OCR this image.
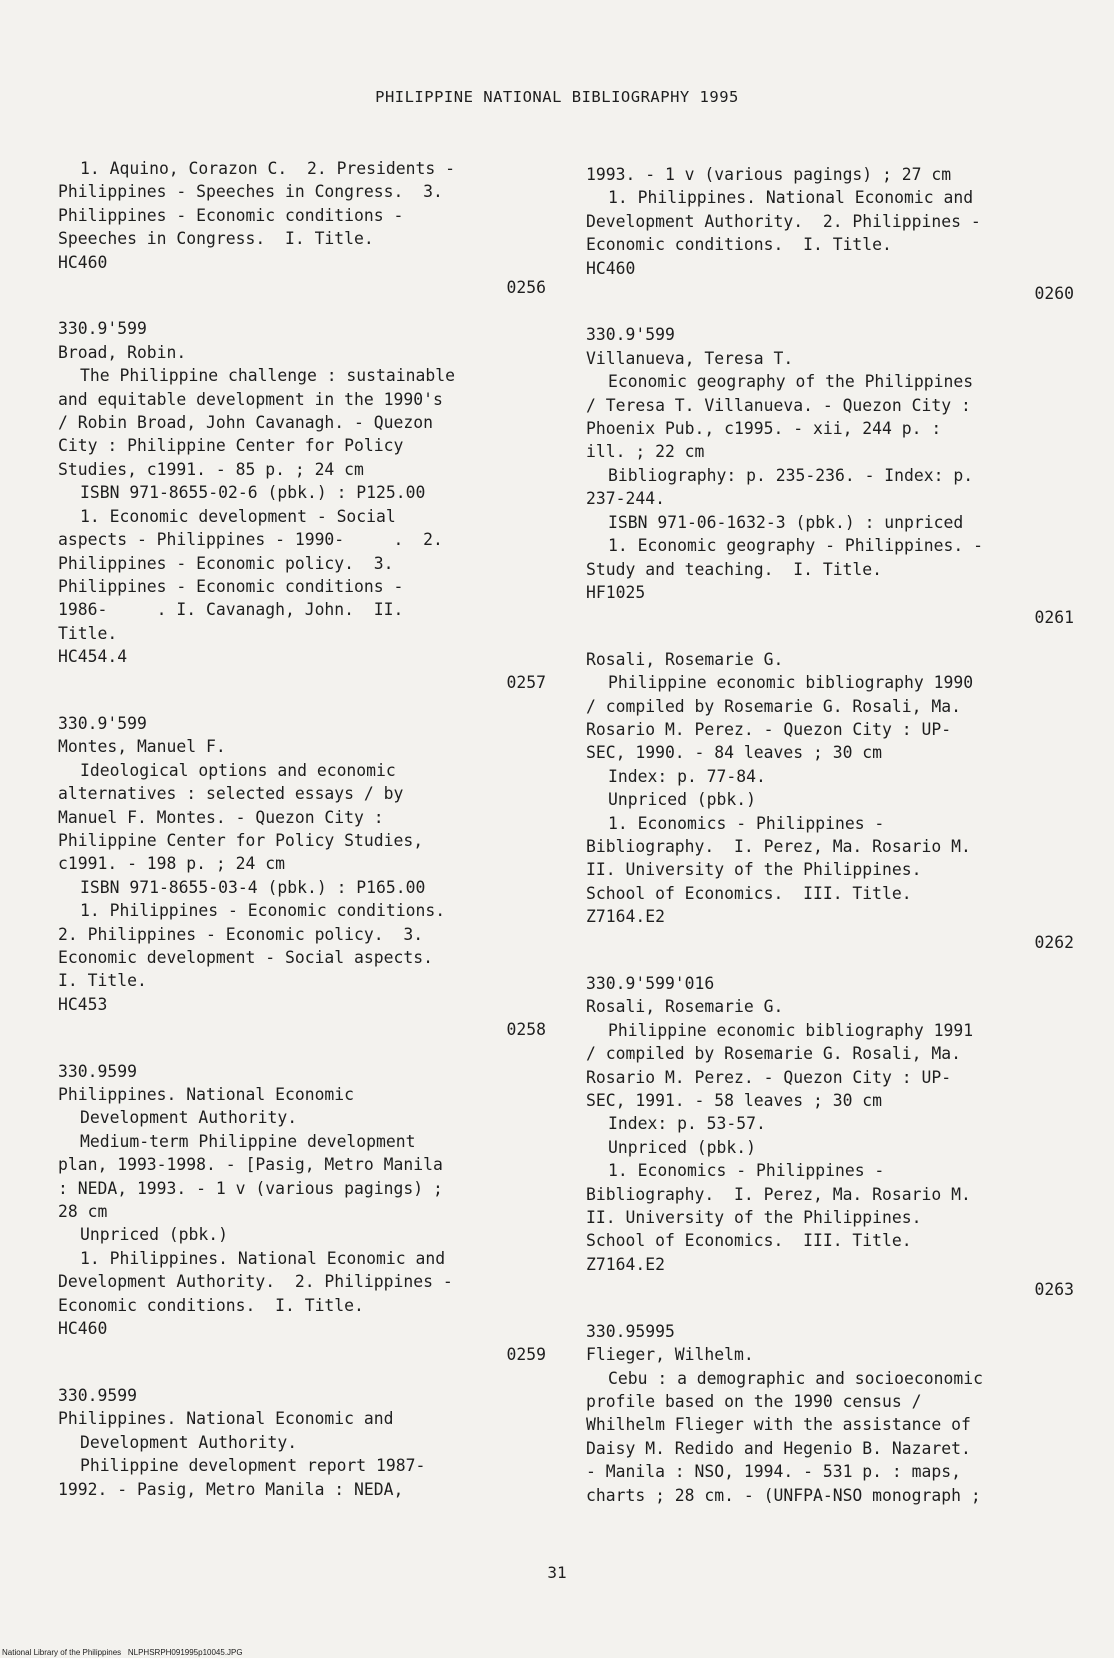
PHILIPPINE NATIONAL BIBLIOGRAPHY 1995
1. Aquino, Corazon C.  2. Presidents -
Philippines - Speeches in Congress.  3.
Philippines - Economic conditions -
Speeches in Congress.  I. Title.
HC460
0256
330.9'599
Broad, Robin.
The Philippine challenge : sustainable
and equitable development in the 1990's
/ Robin Broad, John Cavanagh. - Quezon
City : Philippine Center for Policy
Studies, c1991. - 85 p. ; 24 cm
ISBN 971-8655-02-6 (pbk.) : P125.00
1. Economic development - Social
aspects - Philippines - 1990-     .  2.
Philippines - Economic policy.  3.
Philippines - Economic conditions -
1986-     . I. Cavanagh, John.  II.
Title.
HC454.4
0257
330.9'599
Montes, Manuel F.
Ideological options and economic
alternatives : selected essays / by
Manuel F. Montes. - Quezon City :
Philippine Center for Policy Studies,
c1991. - 198 p. ; 24 cm
ISBN 971-8655-03-4 (pbk.) : P165.00
1. Philippines - Economic conditions.
2. Philippines - Economic policy.  3.
Economic development - Social aspects.
I. Title.
HC453
0258
330.9599
Philippines. National Economic
Development Authority.
Medium-term Philippine development
plan, 1993-1998. - [Pasig, Metro Manila
: NEDA, 1993. - 1 v (various pagings) ;
28 cm
Unpriced (pbk.)
1. Philippines. National Economic and
Development Authority.  2. Philippines -
Economic conditions.  I. Title.
HC460
0259
330.9599
Philippines. National Economic and
Development Authority.
Philippine development report 1987-
1992. - Pasig, Metro Manila : NEDA,
1993. - 1 v (various pagings) ; 27 cm
1. Philippines. National Economic and
Development Authority.  2. Philippines -
Economic conditions.  I. Title.
HC460
0260
330.9'599
Villanueva, Teresa T.
Economic geography of the Philippines
/ Teresa T. Villanueva. - Quezon City :
Phoenix Pub., c1995. - xii, 244 p. :
ill. ; 22 cm
Bibliography: p. 235-236. - Index: p.
237-244.
ISBN 971-06-1632-3 (pbk.) : unpriced
1. Economic geography - Philippines. -
Study and teaching.  I. Title.
HF1025
0261
Rosali, Rosemarie G.
Philippine economic bibliography 1990
/ compiled by Rosemarie G. Rosali, Ma.
Rosario M. Perez. - Quezon City : UP-
SEC, 1990. - 84 leaves ; 30 cm
Index: p. 77-84.
Unpriced (pbk.)
1. Economics - Philippines -
Bibliography.  I. Perez, Ma. Rosario M.
II. University of the Philippines.
School of Economics.  III. Title.
Z7164.E2
0262
330.9'599'016
Rosali, Rosemarie G.
Philippine economic bibliography 1991
/ compiled by Rosemarie G. Rosali, Ma.
Rosario M. Perez. - Quezon City : UP-
SEC, 1991. - 58 leaves ; 30 cm
Index: p. 53-57.
Unpriced (pbk.)
1. Economics - Philippines -
Bibliography.  I. Perez, Ma. Rosario M.
II. University of the Philippines.
School of Economics.  III. Title.
Z7164.E2
0263
330.95995
Flieger, Wilhelm.
Cebu : a demographic and socioeconomic
profile based on the 1990 census /
Whilhelm Flieger with the assistance of
Daisy M. Redido and Hegenio B. Nazaret.
- Manila : NSO, 1994. - 531 p. : maps,
charts ; 28 cm. - (UNFPA-NSO monograph ;
31
National Library of the Philippines NLPHSRPH091995p10045.JPG
